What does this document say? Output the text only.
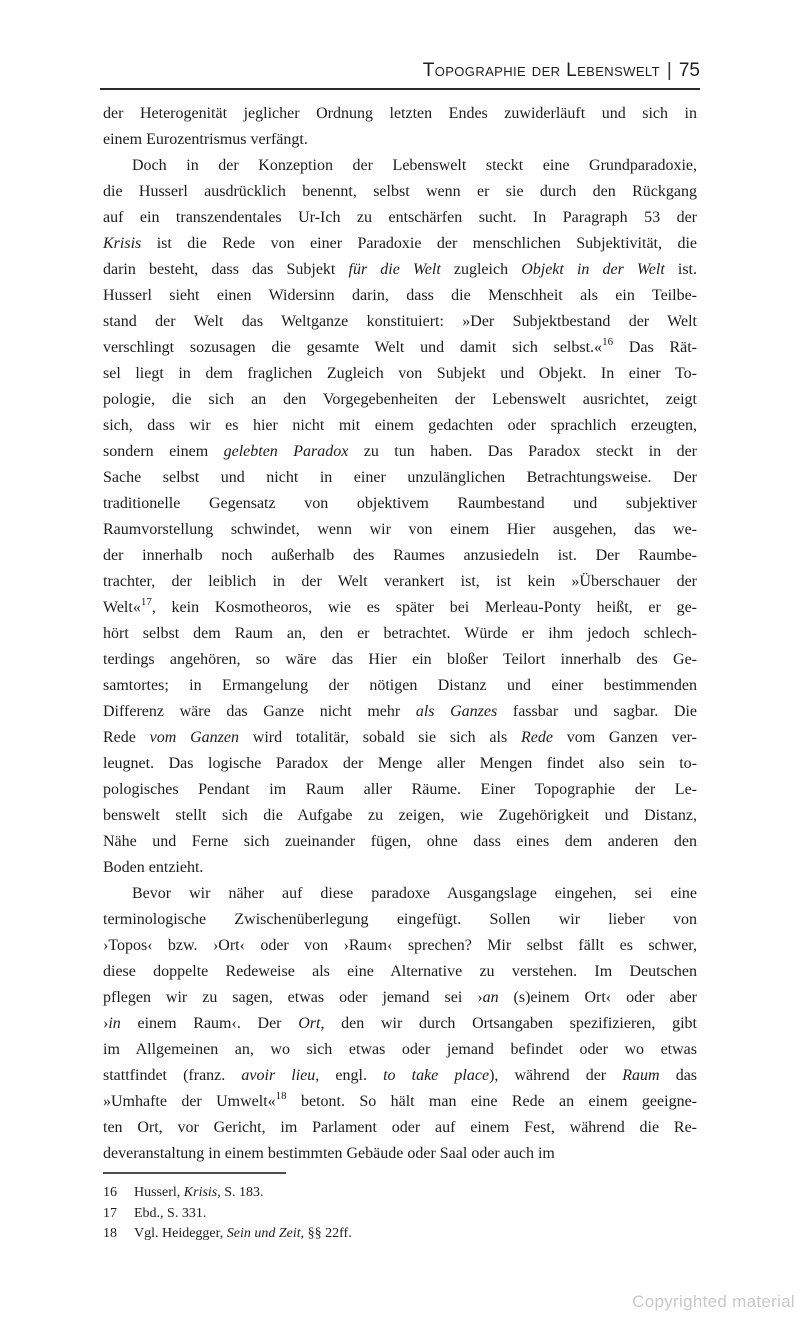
Topographie der Lebenswelt | 75
der Heterogenität jeglicher Ordnung letzten Endes zuwiderläuft und sich in
einem Eurozentrismus verfängt.
Doch in der Konzeption der Lebenswelt steckt eine Grundparadoxie,
die Husserl ausdrücklich benennt, selbst wenn er sie durch den Rückgang
auf ein transzendentales Ur-Ich zu entschärfen sucht. In Paragraph 53 der
Krisis ist die Rede von einer Paradoxie der menschlichen Subjektivität, die
darin besteht, dass das Subjekt für die Welt zugleich Objekt in der Welt ist.
Husserl sieht einen Widersinn darin, dass die Menschheit als ein Teilbe-
stand der Welt das Weltganze konstituiert: »Der Subjektbestand der Welt
verschlingt sozusagen die gesamte Welt und damit sich selbst.«$^{16}$ Das Rät-
sel liegt in dem fraglichen Zugleich von Subjekt und Objekt. In einer To-
pologie, die sich an den Vorgegebenheiten der Lebenswelt ausrichtet, zeigt
sich, dass wir es hier nicht mit einem gedachten oder sprachlich erzeugten,
sondern einem gelebten Paradox zu tun haben. Das Paradox steckt in der
Sache selbst und nicht in einer unzulänglichen Betrachtungsweise. Der
traditionelle Gegensatz von objektivem Raumbestand und subjektiver
Raumvorstellung schwindet, wenn wir von einem Hier ausgehen, das we-
der innerhalb noch außerhalb des Raumes anzusiedeln ist. Der Raumbe-
trachter, der leiblich in der Welt verankert ist, ist kein »Überschauer der
Welt«$^{17}$, kein Kosmotheoros, wie es später bei Merleau-Ponty heißt, er ge-
hört selbst dem Raum an, den er betrachtet. Würde er ihm jedoch schlech-
terdings angehören, so wäre das Hier ein bloßer Teilort innerhalb des Ge-
samtortes; in Ermangelung der nötigen Distanz und einer bestimmenden
Differenz wäre das Ganze nicht mehr als Ganzes fassbar und sagbar. Die
Rede vom Ganzen wird totalitär, sobald sie sich als Rede vom Ganzen ver-
leugnet. Das logische Paradox der Menge aller Mengen findet also sein to-
pologisches Pendant im Raum aller Räume. Einer Topographie der Le-
benswelt stellt sich die Aufgabe zu zeigen, wie Zugehörigkeit und Distanz,
Nähe und Ferne sich zueinander fügen, ohne dass eines dem anderen den
Boden entzieht.
Bevor wir näher auf diese paradoxe Ausgangslage eingehen, sei eine
terminologische Zwischenüberlegung eingefügt. Sollen wir lieber von
›Topos‹ bzw. ›Ort‹ oder von ›Raum‹ sprechen? Mir selbst fällt es schwer,
diese doppelte Redeweise als eine Alternative zu verstehen. Im Deutschen
pflegen wir zu sagen, etwas oder jemand sei ›an (s)einem Ort‹ oder aber
›in einem Raum‹. Der Ort, den wir durch Ortsangaben spezifizieren, gibt
im Allgemeinen an, wo sich etwas oder jemand befindet oder wo etwas
stattfindet (franz. avoir lieu, engl. to take place), während der Raum das
»Umhafte der Umwelt«$^{18}$ betont. So hält man eine Rede an einem geeigne-
ten Ort, vor Gericht, im Parlament oder auf einem Fest, während die Re-
deveranstaltung in einem bestimmten Gebäude oder Saal oder auch im
16	Husserl, Krisis, S. 183.
17	Ebd., S. 331.
18	Vgl. Heidegger, Sein und Zeit, §§ 22ff.
Copyrighted material
